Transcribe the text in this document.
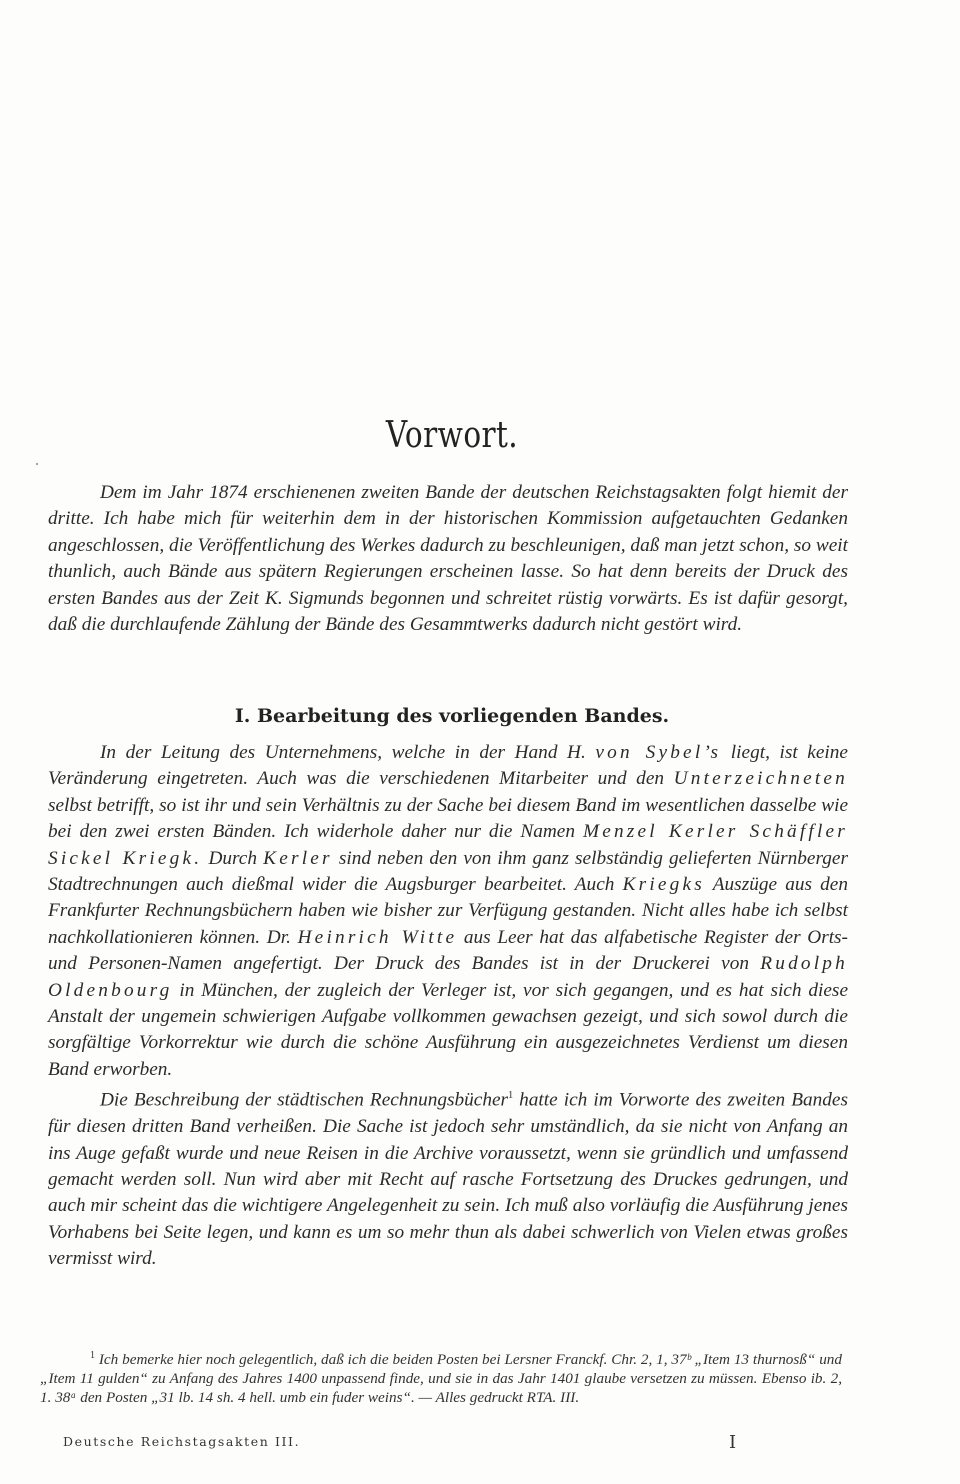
Vorwort.

Dem im Jahr 1874 erschienenen zweiten Bande der deutschen Reichstagsakten folgt hiemit der dritte. Ich habe mich für weiterhin dem in der historischen Kommission aufgetauchten Gedanken angeschlossen, die Veröffentlichung des Werkes dadurch zu beschleunigen, daß man jetzt schon, so weit thunlich, auch Bände aus spätern Regierungen erscheinen lasse. So hat denn bereits der Druck des ersten Bandes aus der Zeit K. Sigmunds begonnen und schreitet rüstig vorwärts. Es ist dafür gesorgt, daß die durchlaufende Zählung der Bände des Gesammtwerks dadurch nicht gestört wird.

I. Bearbeitung des vorliegenden Bandes.

In der Leitung des Unternehmens, welche in der Hand H. von Sybel’s liegt, ist keine Veränderung eingetreten. Auch was die verschiedenen Mitarbeiter und den Unterzeichneten selbst betrifft, so ist ihr und sein Verhältnis zu der Sache bei diesem Band im wesentlichen dasselbe wie bei den zwei ersten Bänden. Ich widerhole daher nur die Namen Menzel Kerler Schäffler Sickel Kriegk. Durch Kerler sind neben den von ihm ganz selbständig gelieferten Nürnberger Stadtrechnungen auch dießmal wider die Augsburger bearbeitet. Auch Kriegks Auszüge aus den Frankfurter Rechnungsbüchern haben wie bisher zur Verfügung gestanden. Nicht alles habe ich selbst nachkollationieren können. Dr. Heinrich Witte aus Leer hat das alfabetische Register der Orts- und Personen-Namen angefertigt. Der Druck des Bandes ist in der Druckerei von Rudolph Oldenbourg in München, der zugleich der Verleger ist, vor sich gegangen, und es hat sich diese Anstalt der ungemein schwierigen Aufgabe vollkommen gewachsen gezeigt, und sich sowol durch die sorgfältige Vorkorrektur wie durch die schöne Ausführung ein ausgezeichnetes Verdienst um diesen Band erworben.

Die Beschreibung der städtischen Rechnungsbücher$^1$ hatte ich im Vorworte des zweiten Bandes für diesen dritten Band verheißen. Die Sache ist jedoch sehr umständlich, da sie nicht von Anfang an ins Auge gefaßt wurde und neue Reisen in die Archive voraussetzt, wenn sie gründlich und umfassend gemacht werden soll. Nun wird aber mit Recht auf rasche Fortsetzung des Druckes gedrungen, und auch mir scheint das die wichtigere Angelegenheit zu sein. Ich muß also vorläufig die Ausführung jenes Vorhabens bei Seite legen, und kann es um so mehr thun als dabei schwerlich von Vielen etwas großes vermisst wird.

$^1$ Ich bemerke hier noch gelegentlich, daß ich die beiden Posten bei Lersner Franckf. Chr. 2, 1, 37ᵇ „Item 13 thurnosß“ und „Item 11 gulden“ zu Anfang des Jahres 1400 unpassend finde, und sie in das Jahr 1401 glaube versetzen zu müssen. Ebenso ib. 2, 1. 38ᵃ den Posten „31 lb. 14 sh. 4 hell. umb ein fuder weins“. — Alles gedruckt RTA. III.

Deutsche Reichstagsakten III.	I
